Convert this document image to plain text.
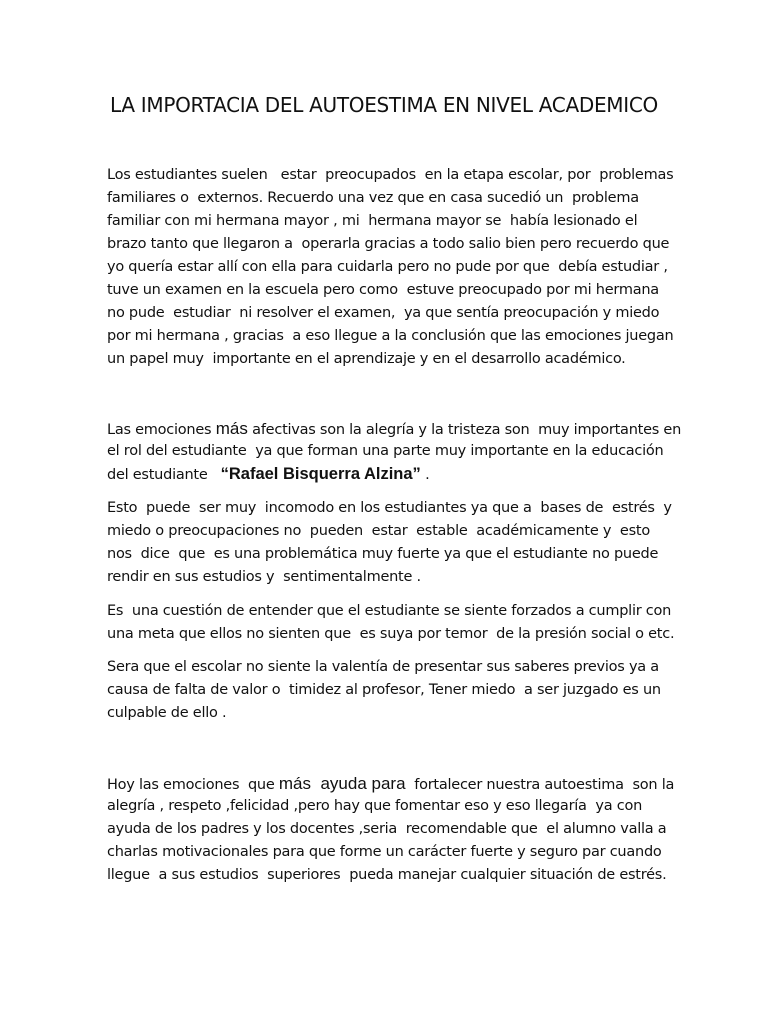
LA IMPORTACIA DEL AUTOESTIMA EN NIVEL ACADEMICO
Los estudiantes suelen   estar  preocupados  en la etapa escolar, por  problemas
familiares o  externos. Recuerdo una vez que en casa sucedió un  problema
familiar con mi hermana mayor , mi  hermana mayor se  había lesionado el
brazo tanto que llegaron a  operarla gracias a todo salio bien pero recuerdo que
yo quería estar allí con ella para cuidarla pero no pude por que  debía estudiar ,
tuve un examen en la escuela pero como  estuve preocupado por mi hermana
no pude  estudiar  ni resolver el examen,  ya que sentía preocupación y miedo
por mi hermana , gracias  a eso llegue a la conclusión que las emociones juegan
un papel muy  importante en el aprendizaje y en el desarrollo académico.
Las emociones más afectivas son la alegría y la tristeza son  muy importantes en
el rol del estudiante  ya que forman una parte muy importante en la educación
del estudiante   “Rafael Bisquerra Alzina” .
Esto  puede  ser muy  incomodo en los estudiantes ya que a  bases de  estrés  y
miedo o preocupaciones no  pueden  estar  estable  académicamente y  esto
nos  dice  que  es una problemática muy fuerte ya que el estudiante no puede
rendir en sus estudios y  sentimentalmente .
Es  una cuestión de entender que el estudiante se siente forzados a cumplir con
una meta que ellos no sienten que  es suya por temor  de la presión social o etc.
Sera que el escolar no siente la valentía de presentar sus saberes previos ya a
causa de falta de valor o  timidez al profesor, Tener miedo  a ser juzgado es un
culpable de ello .
Hoy las emociones  que más  ayuda para  fortalecer nuestra autoestima  son la
alegría , respeto ,felicidad ,pero hay que fomentar eso y eso llegaría  ya con
ayuda de los padres y los docentes ,seria  recomendable que  el alumno valla a
charlas motivacionales para que forme un carácter fuerte y seguro par cuando
llegue  a sus estudios  superiores  pueda manejar cualquier situación de estrés.
